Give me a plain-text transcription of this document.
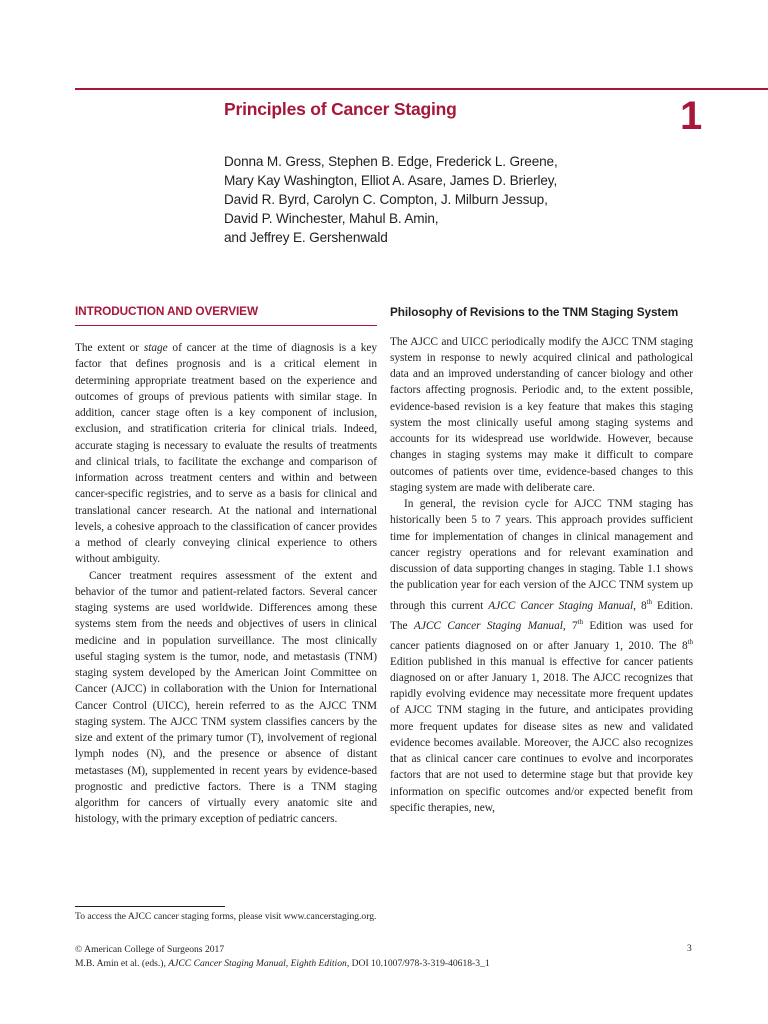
Principles of Cancer Staging	1
Donna M. Gress, Stephen B. Edge, Frederick L. Greene,
Mary Kay Washington, Elliot A. Asare, James D. Brierley,
David R. Byrd, Carolyn C. Compton, J. Milburn Jessup,
David P. Winchester, Mahul B. Amin,
and Jeffrey E. Gershenwald
INTRODUCTION AND OVERVIEW

The extent or stage of cancer at the time of diagnosis is a key factor that defines prognosis and is a critical element in determining appropriate treatment based on the experience and outcomes of groups of previous patients with similar stage. In addition, cancer stage often is a key component of inclusion, exclusion, and stratification criteria for clinical trials. Indeed, accurate staging is necessary to evaluate the results of treatments and clinical trials, to facilitate the exchange and comparison of information across treatment centers and within and between cancer-specific registries, and to serve as a basis for clinical and translational cancer research. At the national and international levels, a cohesive approach to the classification of cancer provides a method of clearly conveying clinical experience to others without ambiguity.

Cancer treatment requires assessment of the extent and behavior of the tumor and patient-related factors. Several cancer staging systems are used worldwide. Differences among these systems stem from the needs and objectives of users in clinical medicine and in population surveillance. The most clinically useful staging system is the tumor, node, and metastasis (TNM) staging system developed by the American Joint Committee on Cancer (AJCC) in collaboration with the Union for International Cancer Control (UICC), herein referred to as the AJCC TNM staging system. The AJCC TNM system classifies cancers by the size and extent of the primary tumor (T), involvement of regional lymph nodes (N), and the presence or absence of distant metastases (M), supplemented in recent years by evidence-based prognostic and predictive factors. There is a TNM staging algorithm for cancers of virtually every anatomic site and histology, with the primary exception of pediatric cancers.

Philosophy of Revisions to the TNM Staging System

The AJCC and UICC periodically modify the AJCC TNM staging system in response to newly acquired clinical and pathological data and an improved understanding of cancer biology and other factors affecting prognosis. Periodic and, to the extent possible, evidence-based revision is a key feature that makes this staging system the most clinically useful among staging systems and accounts for its widespread use worldwide. However, because changes in staging systems may make it difficult to compare outcomes of patients over time, evidence-based changes to this staging system are made with deliberate care.

In general, the revision cycle for AJCC TNM staging has historically been 5 to 7 years. This approach provides sufficient time for implementation of changes in clinical management and cancer registry operations and for relevant examination and discussion of data supporting changes in staging. Table 1.1 shows the publication year for each version of the AJCC TNM system up through this current AJCC Cancer Staging Manual, 8th Edition. The AJCC Cancer Staging Manual, 7th Edition was used for cancer patients diagnosed on or after January 1, 2010. The 8th Edition published in this manual is effective for cancer patients diagnosed on or after January 1, 2018. The AJCC recognizes that rapidly evolving evidence may necessitate more frequent updates of AJCC TNM staging in the future, and anticipates providing more frequent updates for disease sites as new and validated evidence becomes available. Moreover, the AJCC also recognizes that as clinical cancer care continues to evolve and incorporates factors that are not used to determine stage but that provide key information on specific outcomes and/or expected benefit from specific therapies, new,

To access the AJCC cancer staging forms, please visit www.cancerstaging.org.
© American College of Surgeons 2017
M.B. Amin et al. (eds.), AJCC Cancer Staging Manual, Eighth Edition, DOI 10.1007/978-3-319-40618-3_1
3
